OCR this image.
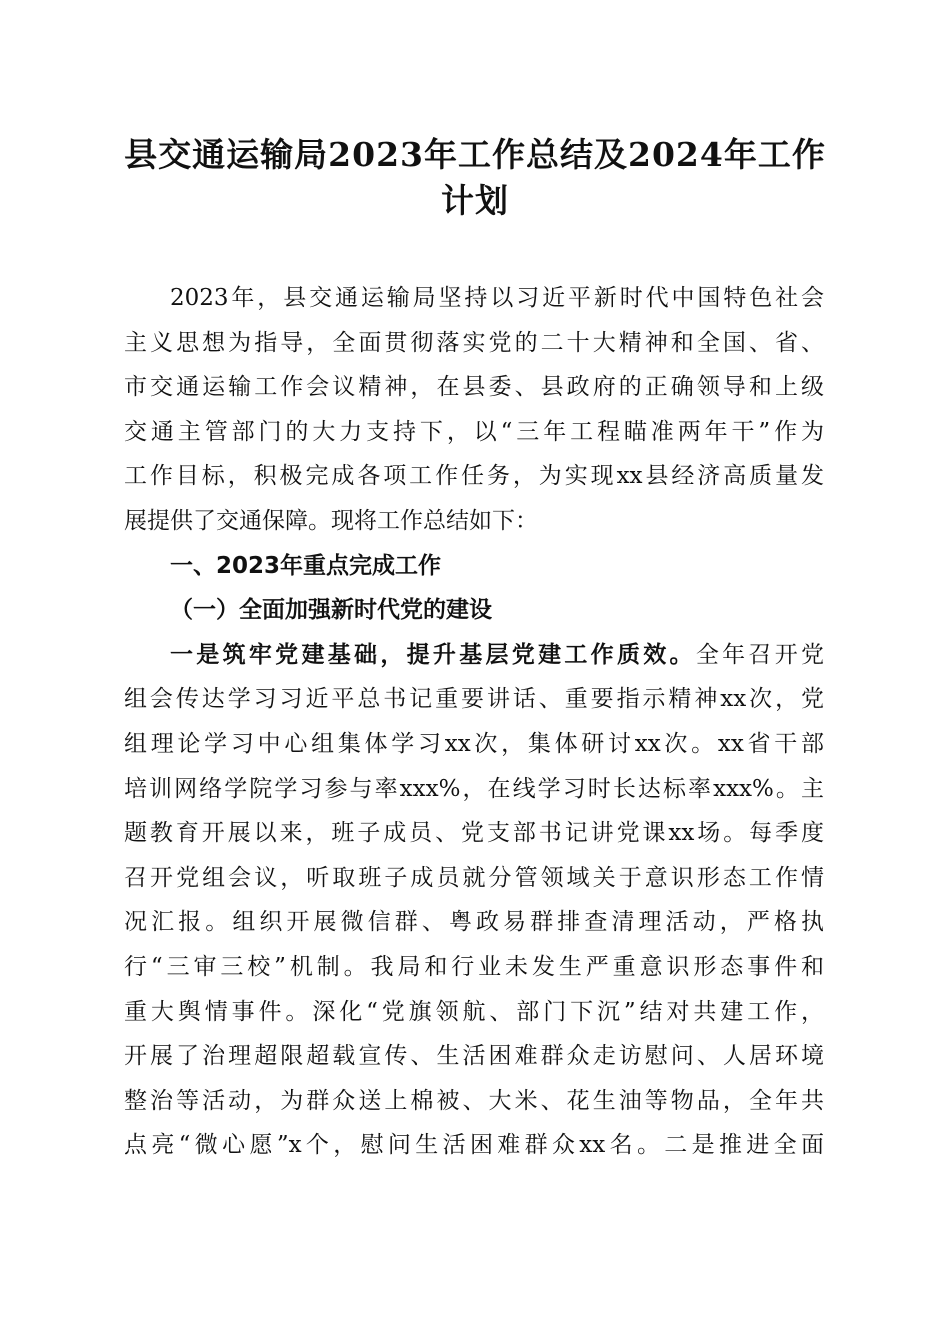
县交通运输局2023年工作总结及2024年工作
计划
2023年，县交通运输局坚持以习近平新时代中国特色社会
主义思想为指导，全面贯彻落实党的二十大精神和全国、省、
市交通运输工作会议精神，在县委、县政府的正确领导和上级
交通主管部门的大力支持下，以“三年工程瞄准两年干”作为
工作目标，积极完成各项工作任务，为实现xx县经济高质量发
展提供了交通保障。现将工作总结如下：
一、2023年重点完成工作
（一）全面加强新时代党的建设
一是筑牢党建基础，提升基层党建工作质效。全年召开党
组会传达学习习近平总书记重要讲话、重要指示精神xx次，党
组理论学习中心组集体学习xx次，集体研讨xx次。xx省干部
培训网络学院学习参与率xxx%，在线学习时长达标率xxx%。主
题教育开展以来，班子成员、党支部书记讲党课xx场。每季度
召开党组会议，听取班子成员就分管领域关于意识形态工作情
况汇报。组织开展微信群、粤政易群排查清理活动，严格执
行“三审三校”机制。我局和行业未发生严重意识形态事件和
重大舆情事件。深化“党旗领航、部门下沉”结对共建工作，
开展了治理超限超载宣传、生活困难群众走访慰问、人居环境
整治等活动，为群众送上棉被、大米、花生油等物品，全年共
点亮“微心愿”x个，慰问生活困难群众xx名。二是推进全面
